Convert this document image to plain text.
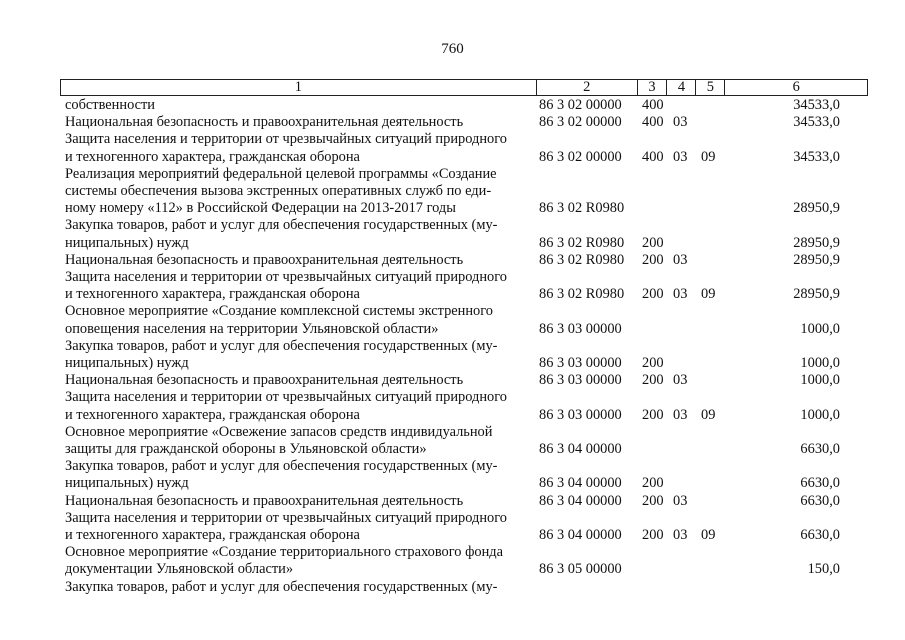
760
1	2	3	4	5	6
собственности	86 3 02 00000	400	34533,0
Национальная безопасность и правоохранительная деятельность	86 3 02 00000	400 03	34533,0
Защита населения и территории от чрезвычайных ситуаций природного
и техногенного характера, гражданская оборона	86 3 02 00000	400 03 09	34533,0
Реализация мероприятий федеральной целевой программы «Создание
системы обеспечения вызова экстренных оперативных служб по еди-
ному номеру «112» в Российской Федерации на 2013-2017 годы	86 3 02 R0980	28950,9
Закупка товаров, работ и услуг для обеспечения государственных (му-
ниципальных) нужд	86 3 02 R0980	200	28950,9
Национальная безопасность и правоохранительная деятельность	86 3 02 R0980	200 03	28950,9
Защита населения и территории от чрезвычайных ситуаций природного
и техногенного характера, гражданская оборона	86 3 02 R0980	200 03 09	28950,9
Основное мероприятие «Создание комплексной системы экстренного
оповещения населения на территории Ульяновской области»	86 3 03 00000	1000,0
Закупка товаров, работ и услуг для обеспечения государственных (му-
ниципальных) нужд	86 3 03 00000	200	1000,0
Национальная безопасность и правоохранительная деятельность	86 3 03 00000	200 03	1000,0
Защита населения и территории от чрезвычайных ситуаций природного
и техногенного характера, гражданская оборона	86 3 03 00000	200 03 09	1000,0
Основное мероприятие «Освежение запасов средств индивидуальной
защиты для гражданской обороны в Ульяновской области»	86 3 04 00000	6630,0
Закупка товаров, работ и услуг для обеспечения государственных (му-
ниципальных) нужд	86 3 04 00000	200	6630,0
Национальная безопасность и правоохранительная деятельность	86 3 04 00000	200 03	6630,0
Защита населения и территории от чрезвычайных ситуаций природного
и техногенного характера, гражданская оборона	86 3 04 00000	200 03 09	6630,0
Основное мероприятие «Создание территориального страхового фонда
документации Ульяновской области»	86 3 05 00000	150,0
Закупка товаров, работ и услуг для обеспечения государственных (му-
